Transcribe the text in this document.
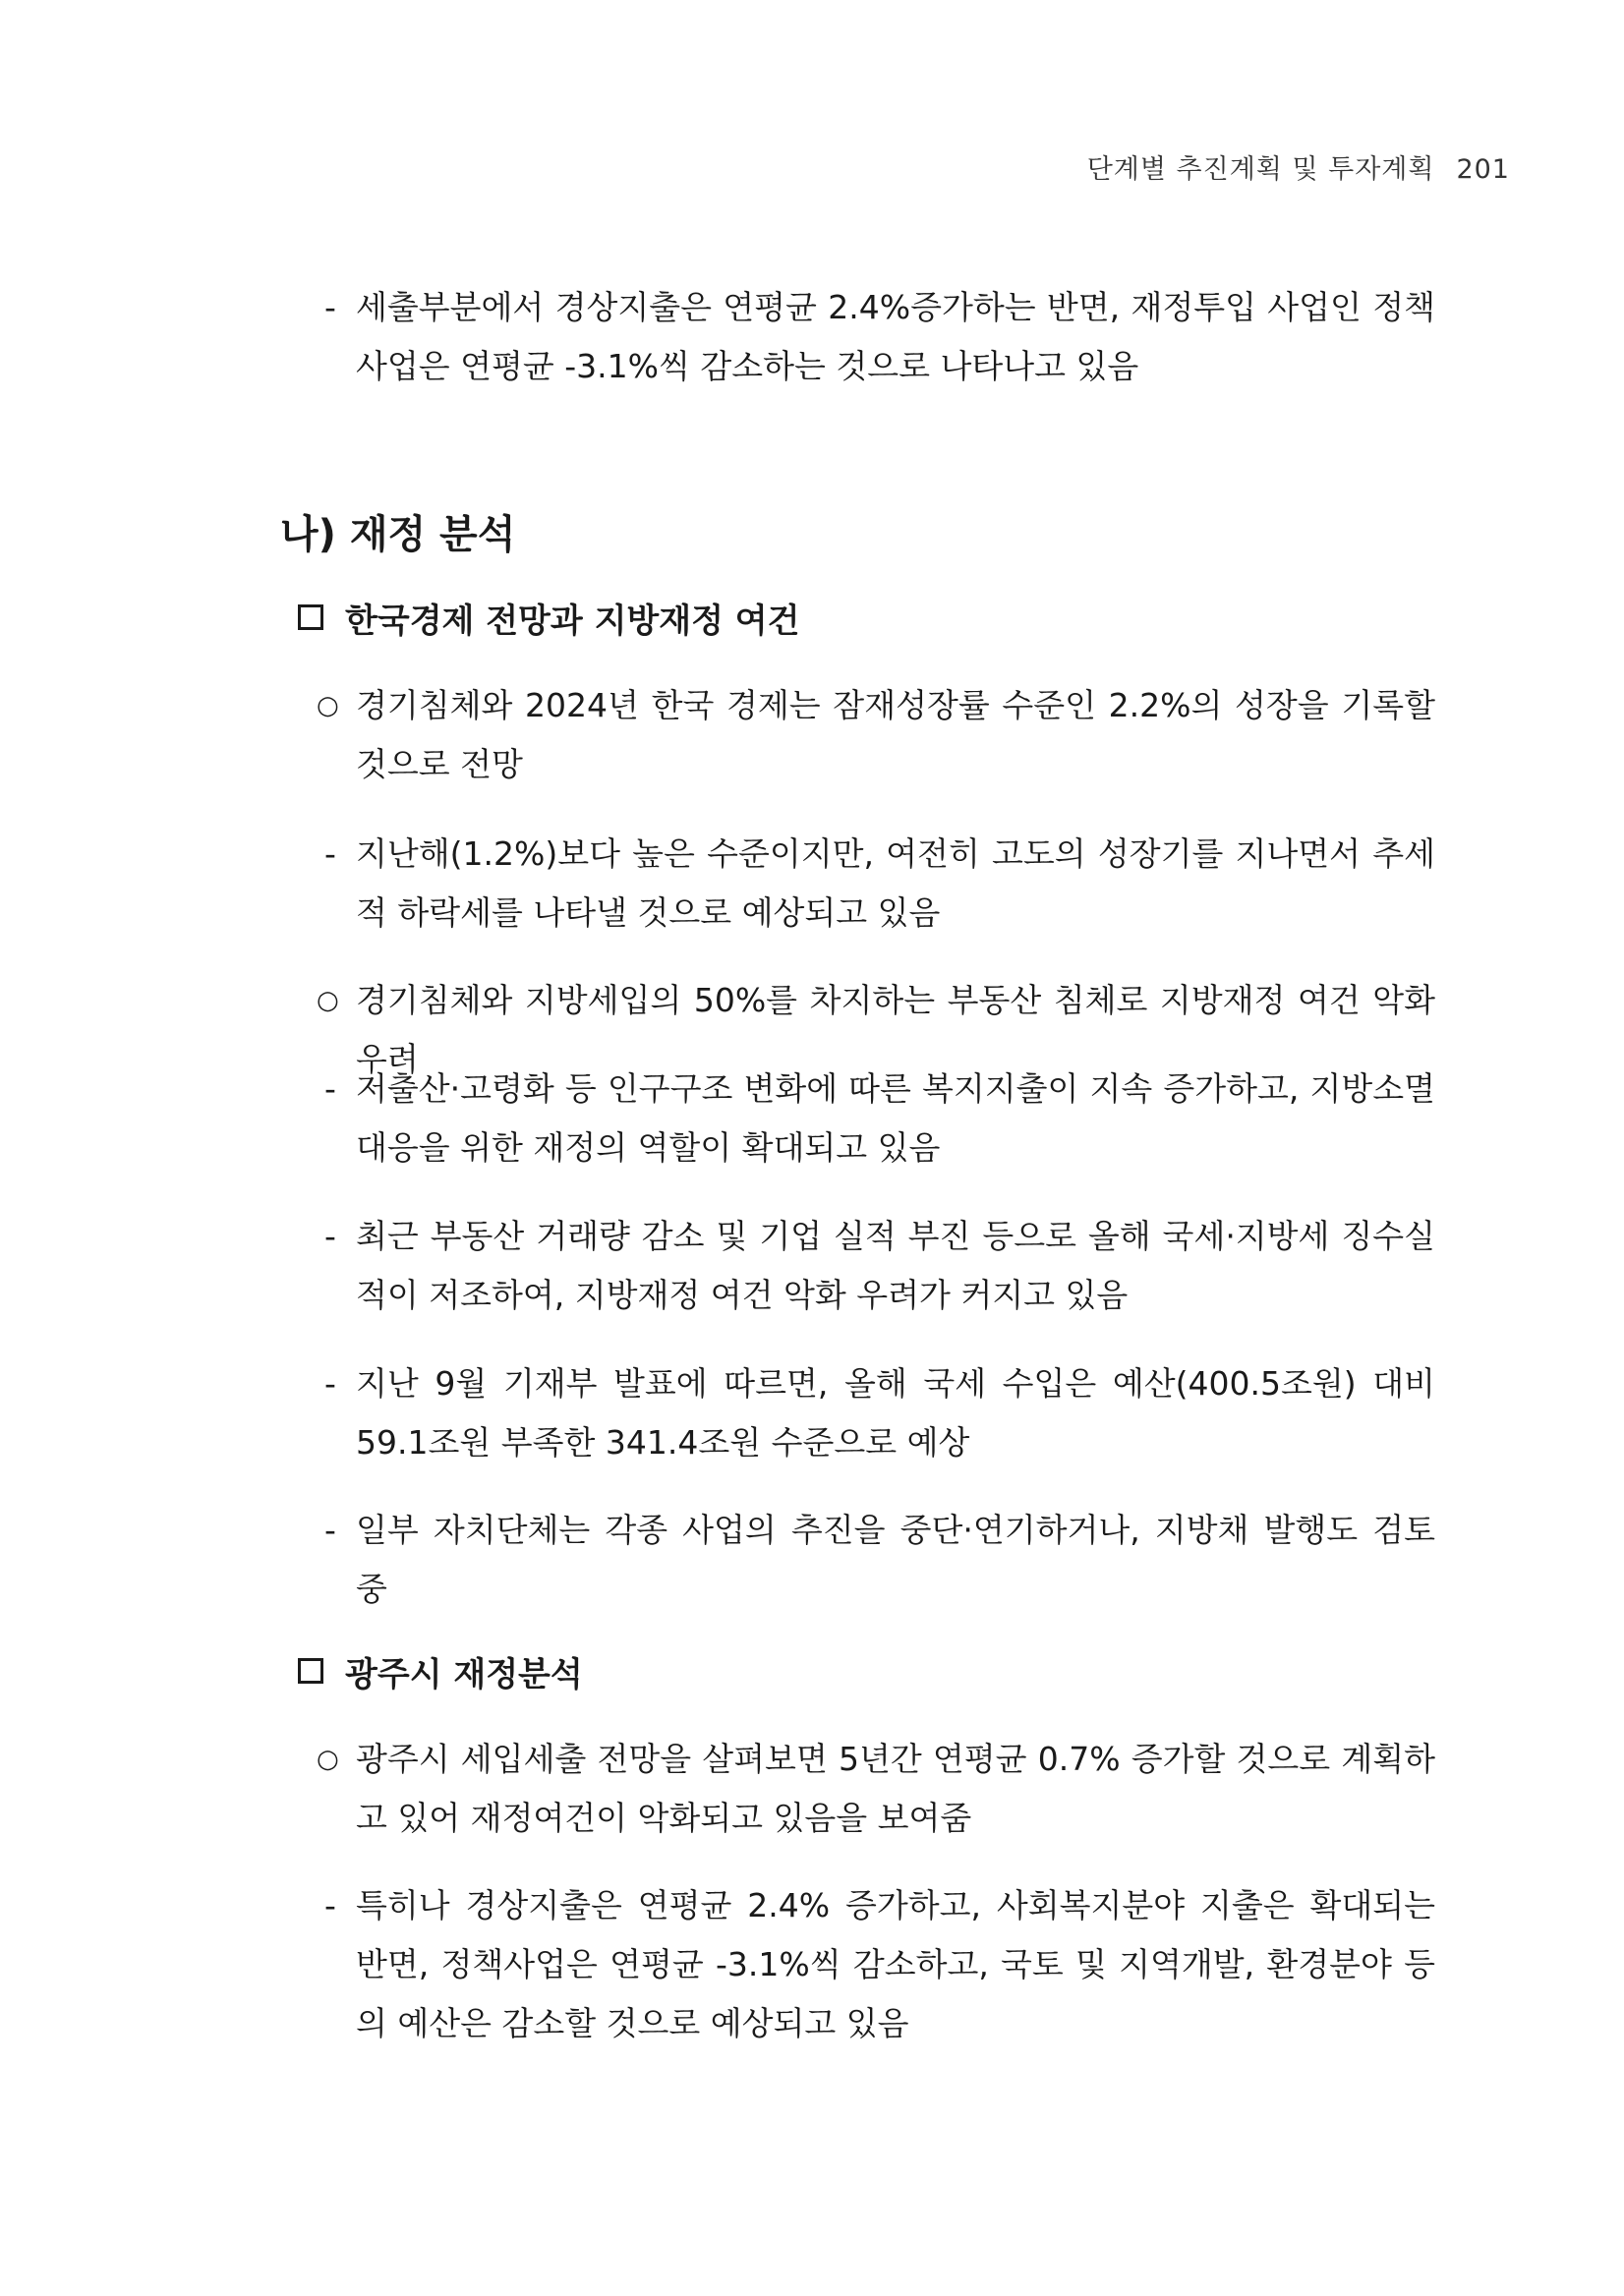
단계별 추진계획 및 투자계획 201
- 세출부분에서 경상지출은 연평균 2.4%증가하는 반면, 재정투입 사업인 정책사업은 연평균 -3.1%씩 감소하는 것으로 나타나고 있음
나) 재정 분석
한국경제 전망과 지방재정 여건
○ 경기침체와 2024년 한국 경제는 잠재성장률 수준인 2.2%의 성장을 기록할 것으로 전망
- 지난해(1.2%)보다 높은 수준이지만, 여전히 고도의 성장기를 지나면서 추세적 하락세를 나타낼 것으로 예상되고 있음
○ 경기침체와 지방세입의 50%를 차지하는 부동산 침체로 지방재정 여건 악화 우려
- 저출산·고령화 등 인구구조 변화에 따른 복지지출이 지속 증가하고, 지방소멸 대응을 위한 재정의 역할이 확대되고 있음
- 최근 부동산 거래량 감소 및 기업 실적 부진 등으로 올해 국세·지방세 징수실적이 저조하여, 지방재정 여건 악화 우려가 커지고 있음
- 지난 9월 기재부 발표에 따르면, 올해 국세 수입은 예산(400.5조원) 대비 59.1조원 부족한 341.4조원 수준으로 예상
- 일부 자치단체는 각종 사업의 추진을 중단·연기하거나, 지방채 발행도 검토 중
광주시 재정분석
○ 광주시 세입세출 전망을 살펴보면 5년간 연평균 0.7% 증가할 것으로 계획하고 있어 재정여건이 악화되고 있음을 보여줌
- 특히나 경상지출은 연평균 2.4% 증가하고, 사회복지분야 지출은 확대되는 반면, 정책사업은 연평균 -3.1%씩 감소하고, 국토 및 지역개발, 환경분야 등의 예산은 감소할 것으로 예상되고 있음
